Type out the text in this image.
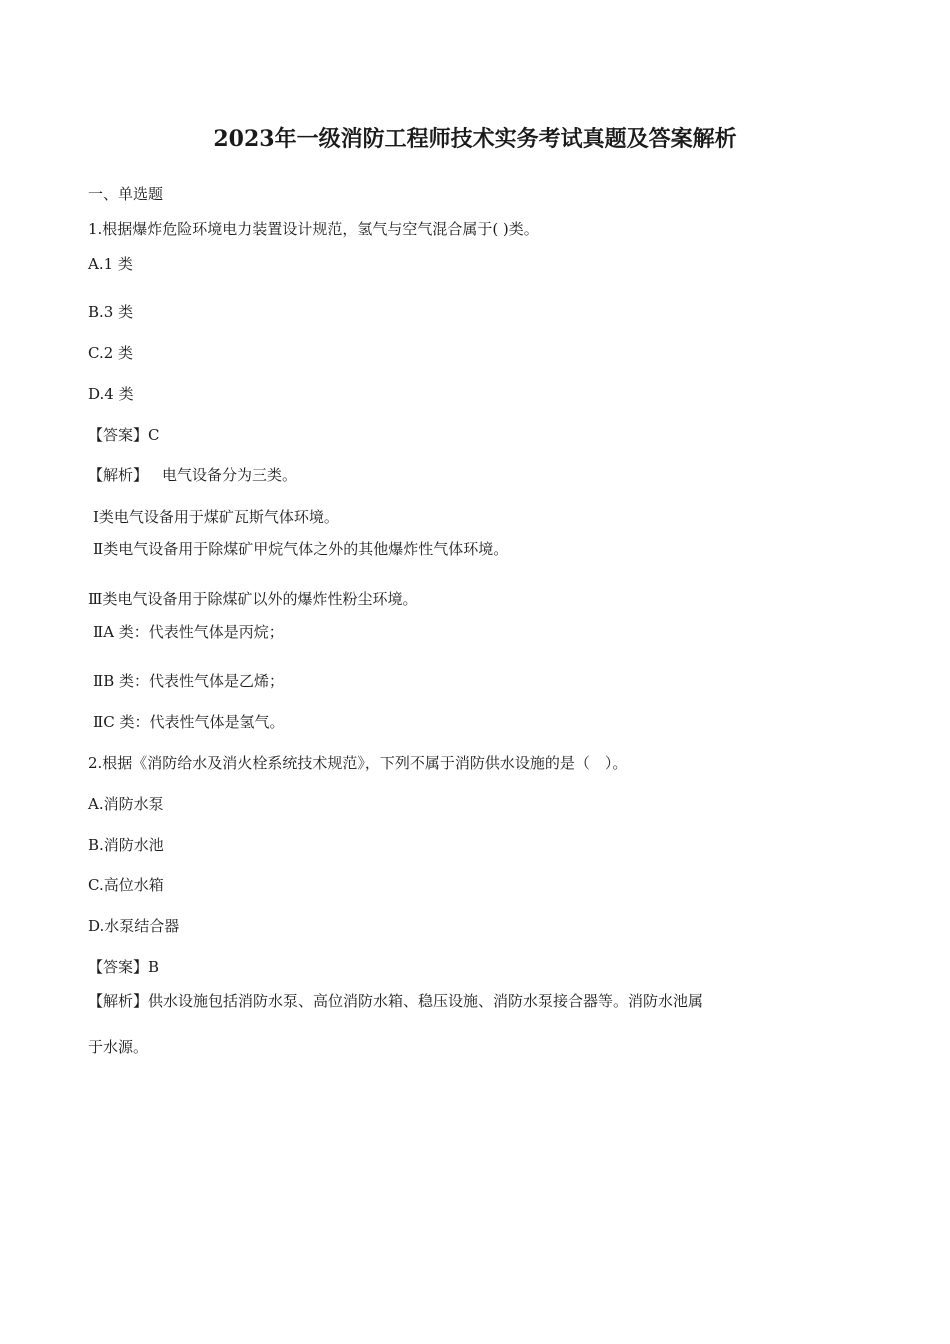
2023年一级消防工程师技术实务考试真题及答案解析
一、单选题
1.根据爆炸危险环境电力装置设计规范，氢气与空气混合属于( )类。
A.1 类
B.3 类
C.2 类
D.4 类
【答案】C
【解析】 电气设备分为三类。
Ⅰ类电气设备用于煤矿瓦斯气体环境。
Ⅱ类电气设备用于除煤矿甲烷气体之外的其他爆炸性气体环境。
Ⅲ类电气设备用于除煤矿以外的爆炸性粉尘环境。
ⅡA 类：代表性气体是丙烷；
ⅡB 类：代表性气体是乙烯；
ⅡC 类：代表性气体是氢气。
2.根据《消防给水及消火栓系统技术规范》，下列不属于消防供水设施的是（　）。
A.消防水泵
B.消防水池
C.高位水箱
D.水泵结合器
【答案】B
【解析】供水设施包括消防水泵、高位消防水箱、稳压设施、消防水泵接合器等。消防水池属
于水源。
